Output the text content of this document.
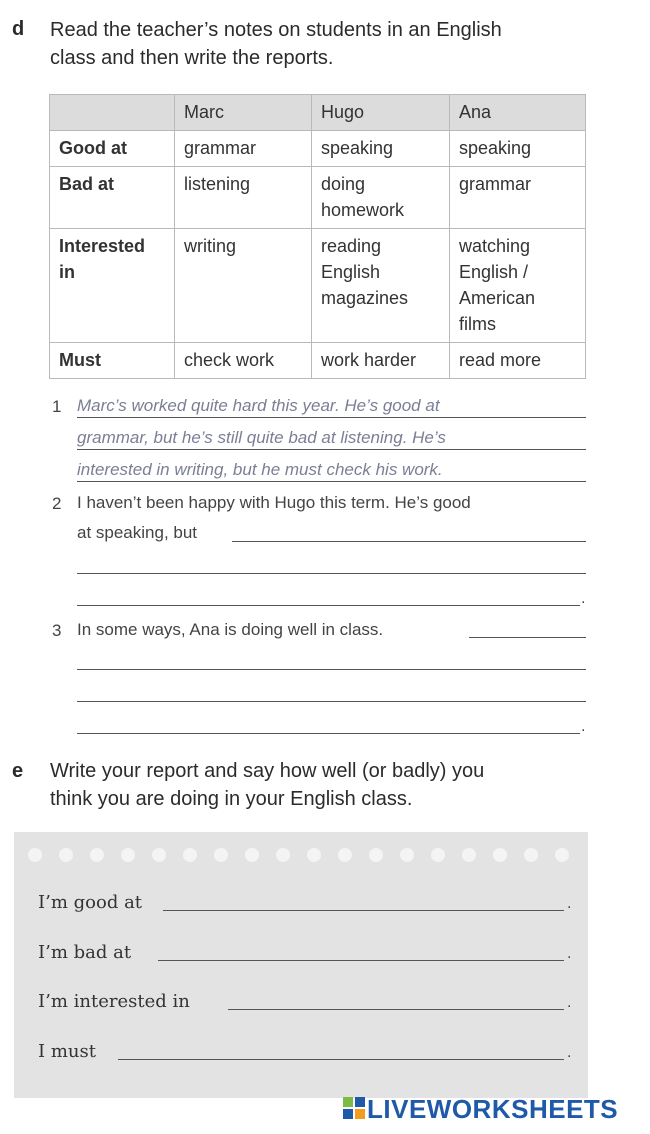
d Read the teacher’s notes on students in an English
class and then write the reports.
	Marc	Hugo	Ana
Good at	grammar	speaking	speaking
Bad at	listening	doing homework	grammar
Interested in	writing	reading English magazines	watching English / American films
Must	check work	work harder	read more
1 Marc’s worked quite hard this year. He’s good at
grammar, but he’s still quite bad at listening. He’s
interested in writing, but he must check his work.
2 I haven’t been happy with Hugo this term. He’s good
at speaking, but
.
3 In some ways, Ana is doing well in class.
.
e Write your report and say how well (or badly) you
think you are doing in your English class.
I’m good at	.
I’m bad at	.
I’m interested in	.
I must	.
LIVEWORKSHEETS
